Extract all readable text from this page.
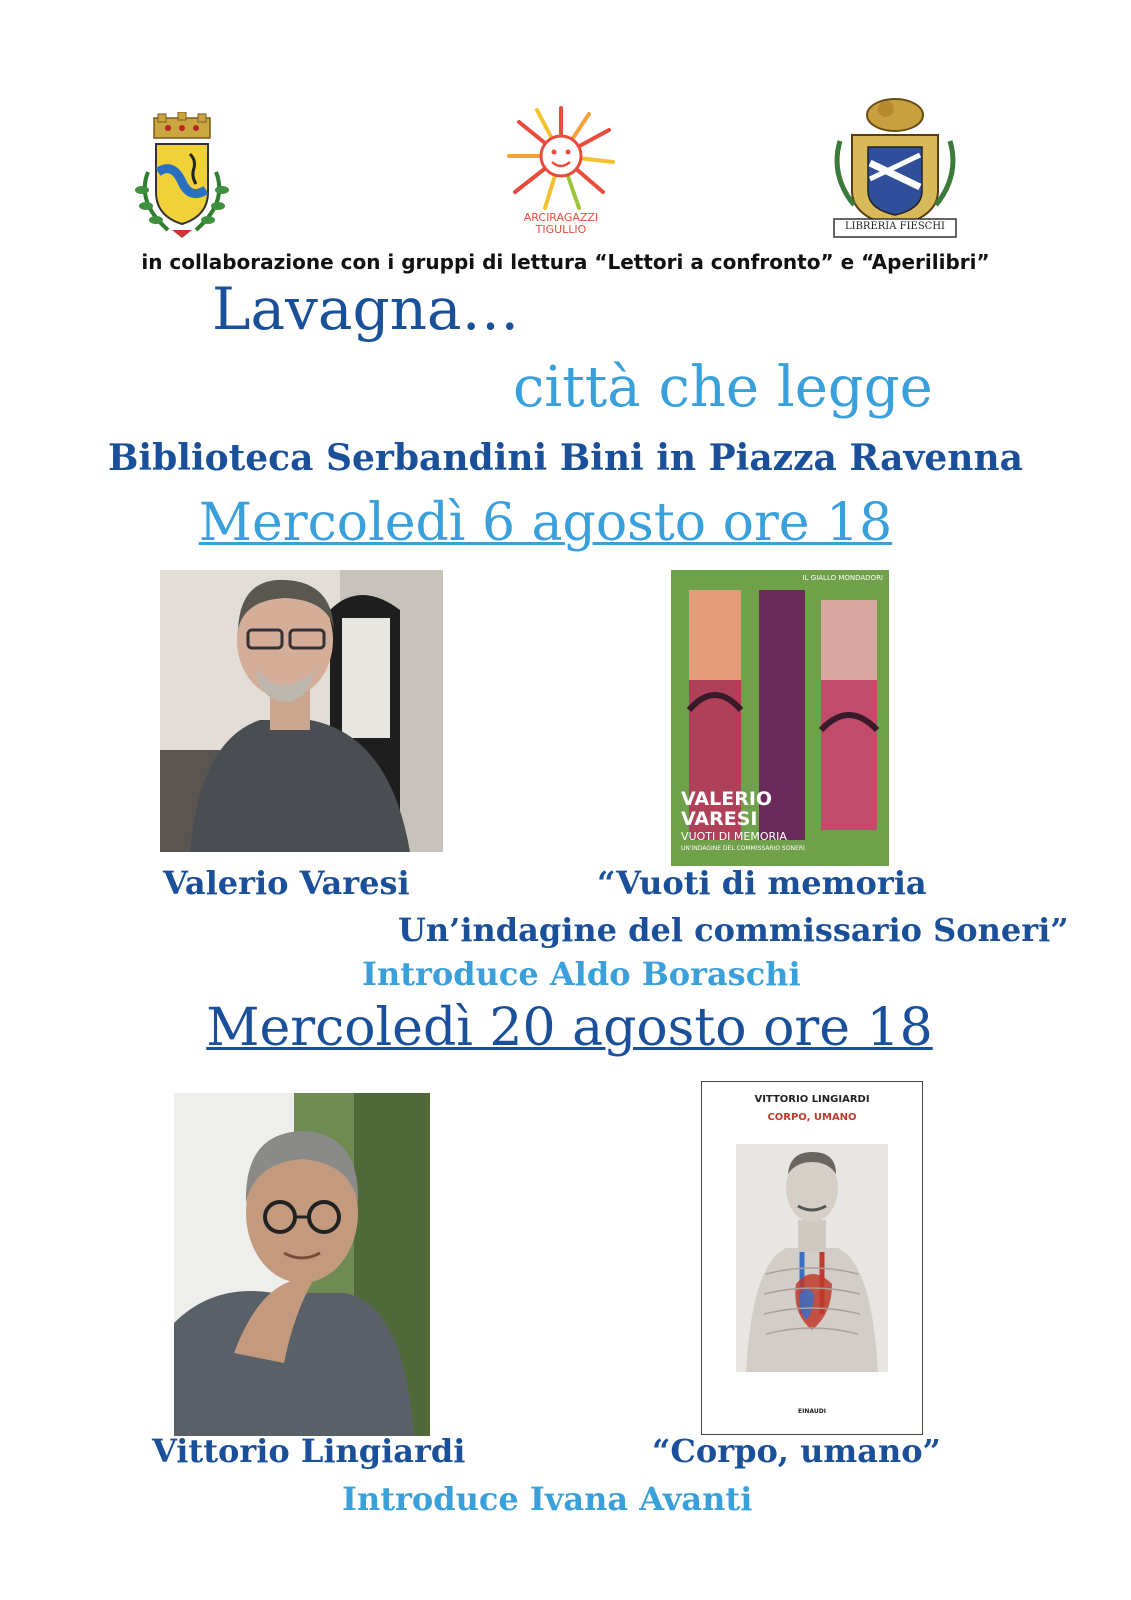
ARCIRAGAZZI
TIGULLIO	LIBRERIA FIESCHI
in collaborazione con i gruppi di lettura “Lettori a confronto” e “Aperilibri”
Lavagna…
città che legge
Biblioteca Serbandini Bini in Piazza Ravenna
Mercoledì 6 agosto ore 18
IL GIALLO MONDADORI
VALERIO
VARESI
VUOTI DI MEMORIA
UN'INDAGINE DEL COMMISSARIO SONERI
Valerio Varesi	“Vuoti di memoria
Un’indagine del commissario Soneri”
Introduce Aldo Boraschi
Mercoledì 20 agosto ore 18
VITTORIO LINGIARDI
CORPO, UMANO
EINAUDI
Vittorio Lingiardi	“Corpo, umano”
Introduce Ivana Avanti
